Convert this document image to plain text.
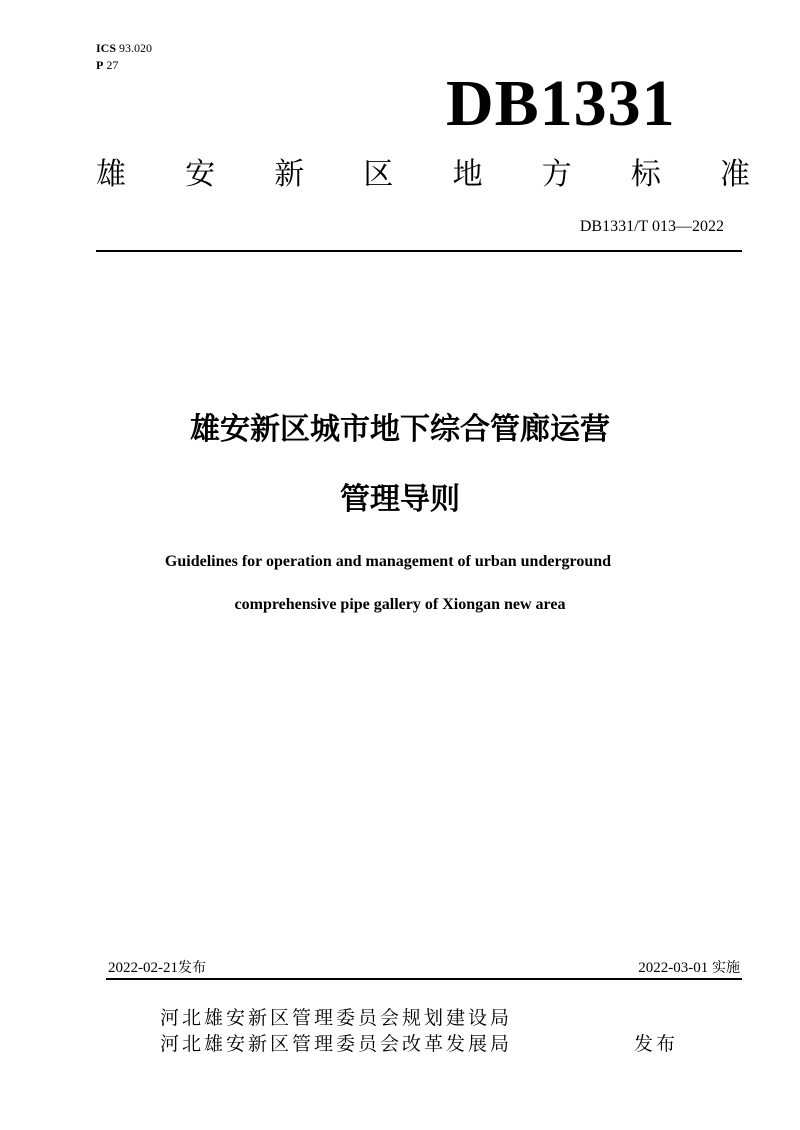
ICS 93.020
P 27
DB1331
雄 安 新 区 地 方 标 准
DB1331/T 013—2022
雄安新区城市地下综合管廊运营
管理导则
Guidelines for operation and management of urban underground
comprehensive pipe gallery of Xiongan new area
2022-02-21发布	2022-03-01 实施
河北雄安新区管理委员会规划建设局
河北雄安新区管理委员会改革发展局	发布
